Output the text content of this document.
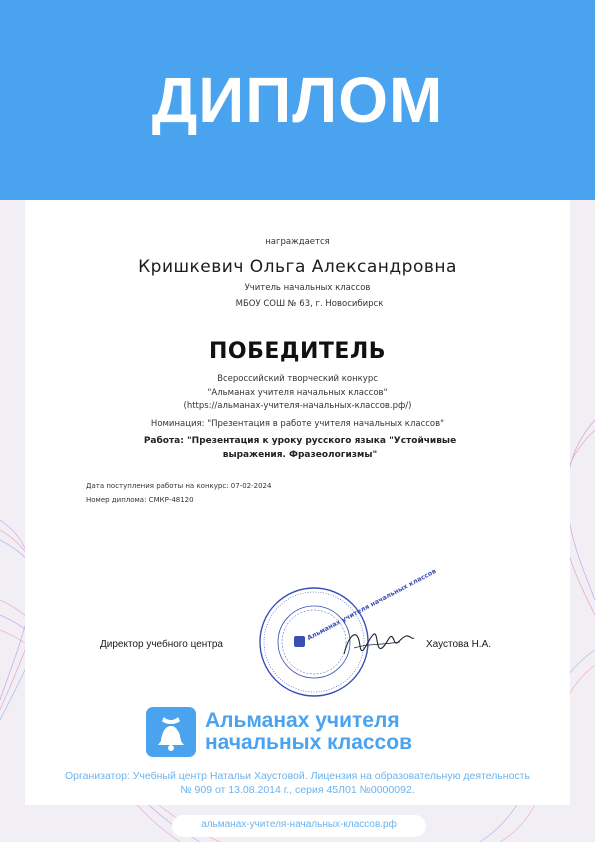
ДИПЛОМ
награждается
Кришкевич Ольга Александровна
Учитель начальных классов
МБОУ СОШ № 63, г. Новосибирск
ПОБЕДИТЕЛЬ
Всероссийский творческий конкурс
"Альманах учителя начальных классов"
(https://альманах-учителя-начальных-классов.рф/)
Номинация: "Презентация в работе учителя начальных классов"
Работа: "Презентация к уроку русского языка "Устойчивые выражения. Фразеологизмы"
Дата поступления работы на конкурс: 07-02-2024
Номер диплома: СМКР-48120
Директор учебного центра
Альманах учителя начальных классов
Хаустова Н.А.
Альманах учителя
начальных классов
Организатор: Учебный центр Натальи Хаустовой. Лицензия на образовательную деятельность
№ 909 от 13.08.2014 г., серия 45Л01 №0000092.
альманах-учителя-начальных-классов.рф
